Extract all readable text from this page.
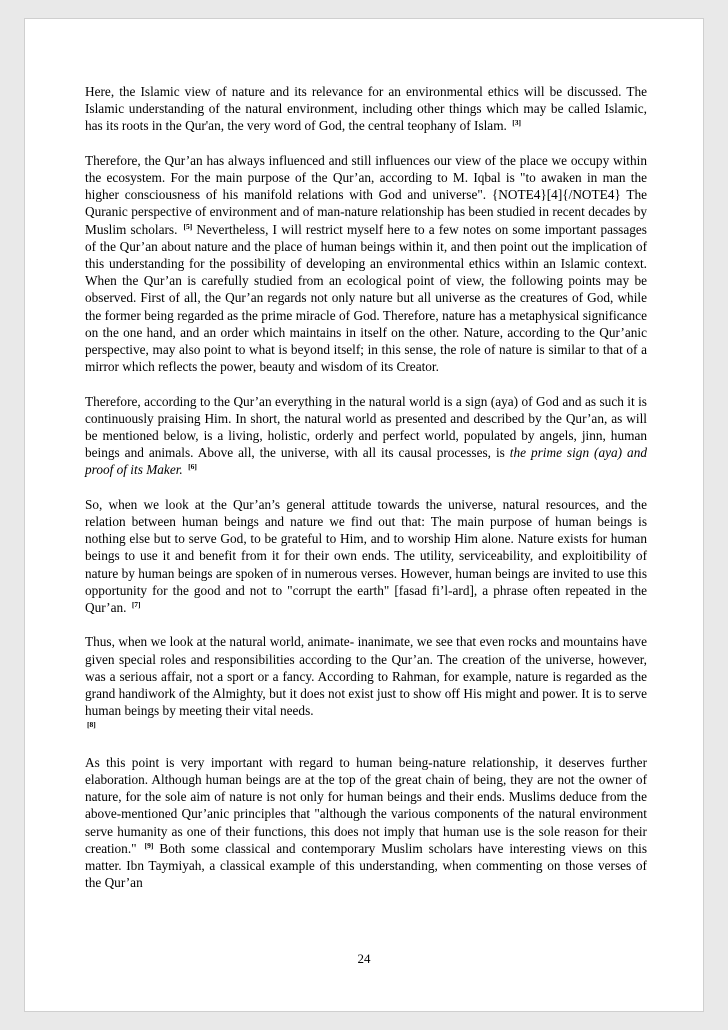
Here, the Islamic view of nature and its relevance for an environmental ethics will be discussed. The Islamic understanding of the natural environment, including other things which may be called Islamic, has its roots in the Qur'an, the very word of God, the central teophany of Islam. [3]

Therefore, the Qur’an has always influenced and still influences our view of the place we occupy within the ecosystem. For the main purpose of the Qur’an, according to M. Iqbal is "to awaken in man the higher consciousness of his manifold relations with God and universe". {NOTE4}[4]{/NOTE4} The Quranic perspective of environment and of man-nature relationship has been studied in recent decades by Muslim scholars. [5] Nevertheless, I will restrict myself here to a few notes on some important passages of the Qur’an about nature and the place of human beings within it, and then point out the implication of this understanding for the possibility of developing an environmental ethics within an Islamic context. When the Qur’an is carefully studied from an ecological point of view, the following points may be observed. First of all, the Qur’an regards not only nature but all universe as the creatures of God, while the former being regarded as the prime miracle of God. Therefore, nature has a metaphysical significance on the one hand, and an order which maintains in itself on the other. Nature, according to the Qur’anic perspective, may also point to what is beyond itself; in this sense, the role of nature is similar to that of a mirror which reflects the power, beauty and wisdom of its Creator.

Therefore, according to the Qur’an everything in the natural world is a sign (aya) of God and as such it is continuously praising Him. In short, the natural world as presented and described by the Qur’an, as will be mentioned below, is a living, holistic, orderly and perfect world, populated by angels, jinn, human beings and animals. Above all, the universe, with all its causal processes, is the prime sign (aya) and proof of its Maker. [6]

So, when we look at the Qur’an’s general attitude towards the universe, natural resources, and the relation between human beings and nature we find out that: The main purpose of human beings is nothing else but to serve God, to be grateful to Him, and to worship Him alone. Nature exists for human beings to use it and benefit from it for their own ends. The utility, serviceability, and exploitibility of nature by human beings are spoken of in numerous verses. However, human beings are invited to use this opportunity for the good and not to "corrupt the earth" [fasad fi’l-ard], a phrase often repeated in the Qur’an. [7]

Thus, when we look at the natural world, animate- inanimate, we see that even rocks and mountains have given special roles and responsibilities according to the Qur’an. The creation of the universe, however, was a serious affair, not a sport or a fancy. According to Rahman, for example, nature is regarded as the grand handiwork of the Almighty, but it does not exist just to show off His might and power. It is to serve human beings by meeting their vital needs.
[8]

As this point is very important with regard to human being-nature relationship, it deserves further elaboration. Although human beings are at the top of the great chain of being, they are not the owner of nature, for the sole aim of nature is not only for human beings and their ends. Muslims deduce from the above-mentioned Qur’anic principles that "although the various components of the natural environment serve humanity as one of their functions, this does not imply that human use is the sole reason for their creation." [9] Both some classical and contemporary Muslim scholars have interesting views on this matter. Ibn Taymiyah, a classical example of this understanding, when commenting on those verses of the Qur’an

24
